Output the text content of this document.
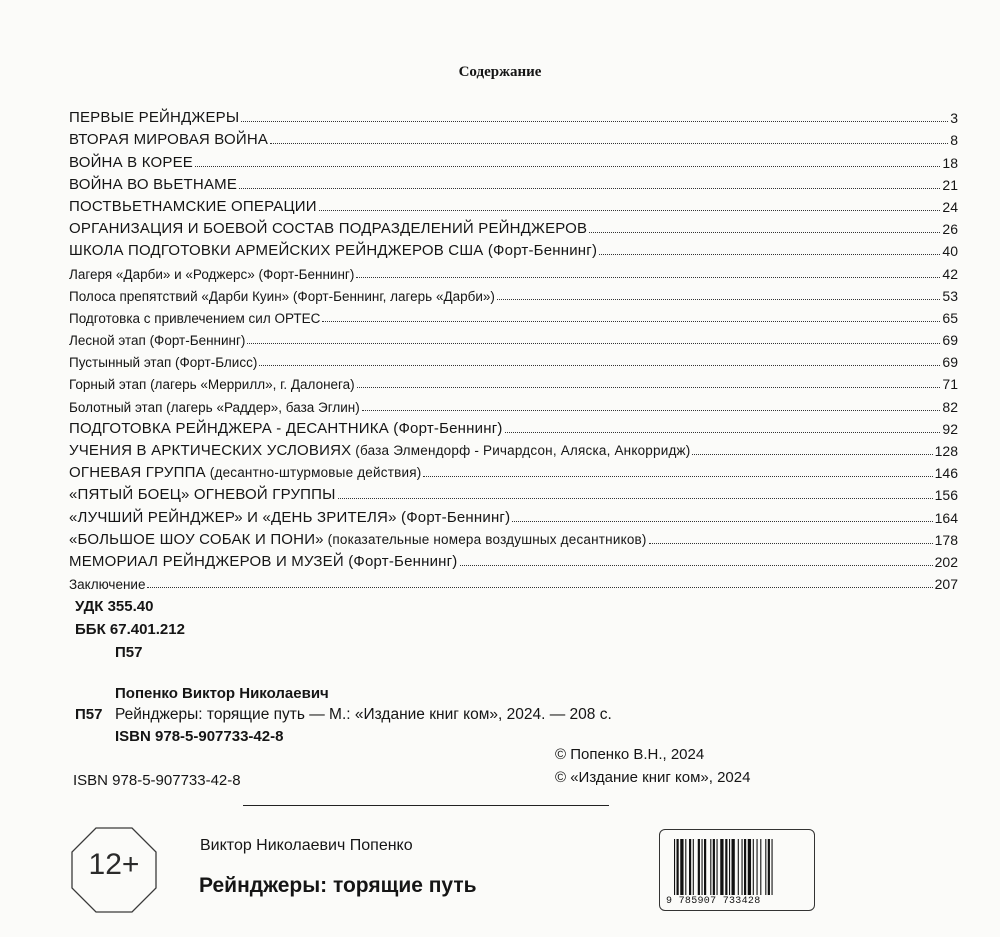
Содержание
ПЕРВЫЕ РЕЙНДЖЕРЫ	3
ВТОРАЯ МИРОВАЯ ВОЙНА	8
ВОЙНА В КОРЕЕ	18
ВОЙНА ВО ВЬЕТНАМЕ	21
ПОСТВЬЕТНАМСКИЕ ОПЕРАЦИИ	24
ОРГАНИЗАЦИЯ И БОЕВОЙ СОСТАВ ПОДРАЗДЕЛЕНИЙ РЕЙНДЖЕРОВ	26
ШКОЛА ПОДГОТОВКИ АРМЕЙСКИХ РЕЙНДЖЕРОВ США (Форт-Беннинг)	40
Лагеря «Дарби» и «Роджерс» (Форт-Беннинг)	42
Полоса препятствий «Дарби Куин» (Форт-Беннинг, лагерь «Дарби»)	53
Подготовка с привлечением сил ОРТЕС	65
Лесной этап (Форт-Беннинг)	69
Пустынный этап (Форт-Блисс)	69
Горный этап (лагерь «Меррилл», г. Далонега)	71
Болотный этап (лагерь «Раддер», база Эглин)	82
ПОДГОТОВКА РЕЙНДЖЕРА - ДЕСАНТНИКА (Форт-Беннинг)	92
УЧЕНИЯ В АРКТИЧЕСКИХ УСЛОВИЯХ (база Элмендорф - Ричардсон, Аляска, Анкорридж)	128
ОГНЕВАЯ ГРУППА (десантно-штурмовые действия)	146
«ПЯТЫЙ БОЕЦ» ОГНЕВОЙ ГРУППЫ	156
«ЛУЧШИЙ РЕЙНДЖЕР» И «ДЕНЬ ЗРИТЕЛЯ» (Форт-Беннинг)	164
«БОЛЬШОЕ ШОУ СОБАК И ПОНИ» (показательные номера воздушных десантников)	178
МЕМОРИАЛ РЕЙНДЖЕРОВ И МУЗЕЙ (Форт-Беннинг)	202
Заключение	207
УДК 355.40
ББК 67.401.212
П57
Попенко Виктор Николаевич
П57 Рейнджеры: торящие путь — М.: «Издание книг ком», 2024. — 208 с.
ISBN 978-5-907733-42-8
© Попенко В.Н., 2024
© «Издание книг ком», 2024
ISBN 978-5-907733-42-8
12+
Виктор Николаевич Попенко
Рейнджеры: торящие путь
9 785907 733428
